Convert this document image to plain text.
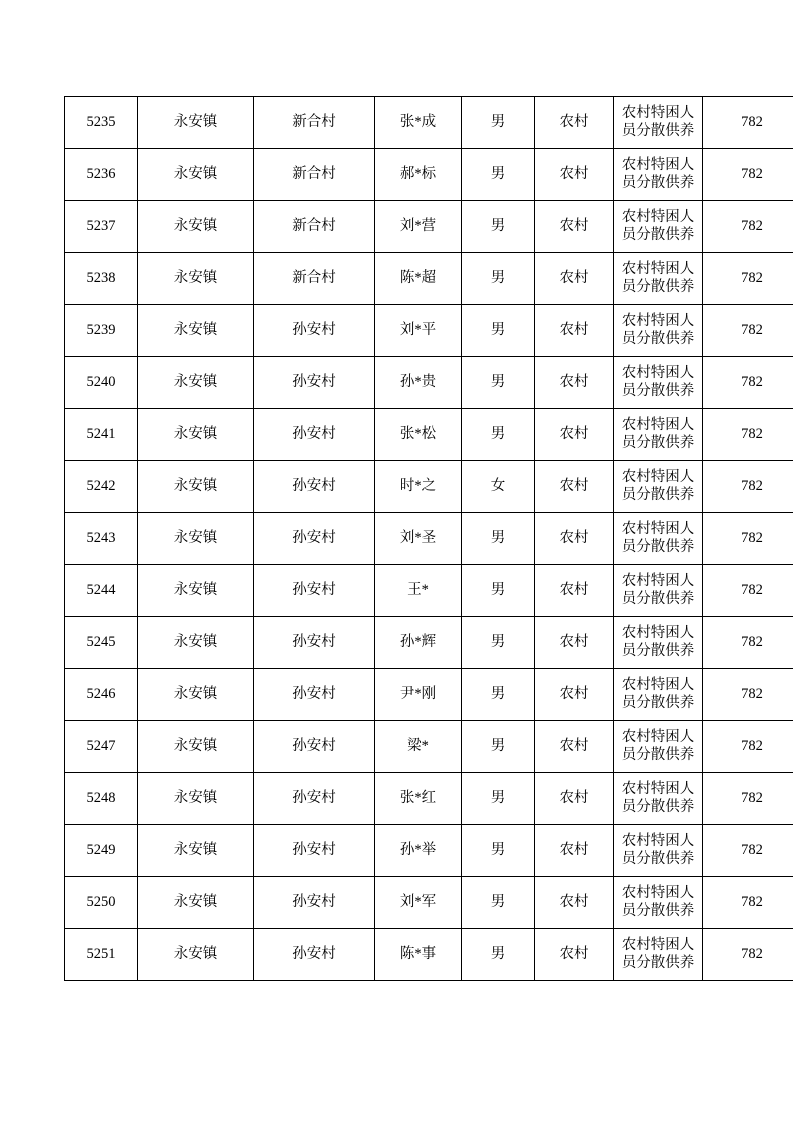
5235	永安镇	新合村	张*成	男	农村	农村特困人员分散供养	782
5236	永安镇	新合村	郝*标	男	农村	农村特困人员分散供养	782
5237	永安镇	新合村	刘*营	男	农村	农村特困人员分散供养	782
5238	永安镇	新合村	陈*超	男	农村	农村特困人员分散供养	782
5239	永安镇	孙安村	刘*平	男	农村	农村特困人员分散供养	782
5240	永安镇	孙安村	孙*贵	男	农村	农村特困人员分散供养	782
5241	永安镇	孙安村	张*松	男	农村	农村特困人员分散供养	782
5242	永安镇	孙安村	时*之	女	农村	农村特困人员分散供养	782
5243	永安镇	孙安村	刘*圣	男	农村	农村特困人员分散供养	782
5244	永安镇	孙安村	王*	男	农村	农村特困人员分散供养	782
5245	永安镇	孙安村	孙*辉	男	农村	农村特困人员分散供养	782
5246	永安镇	孙安村	尹*刚	男	农村	农村特困人员分散供养	782
5247	永安镇	孙安村	梁*	男	农村	农村特困人员分散供养	782
5248	永安镇	孙安村	张*红	男	农村	农村特困人员分散供养	782
5249	永安镇	孙安村	孙*举	男	农村	农村特困人员分散供养	782
5250	永安镇	孙安村	刘*军	男	农村	农村特困人员分散供养	782
5251	永安镇	孙安村	陈*事	男	农村	农村特困人员分散供养	782
